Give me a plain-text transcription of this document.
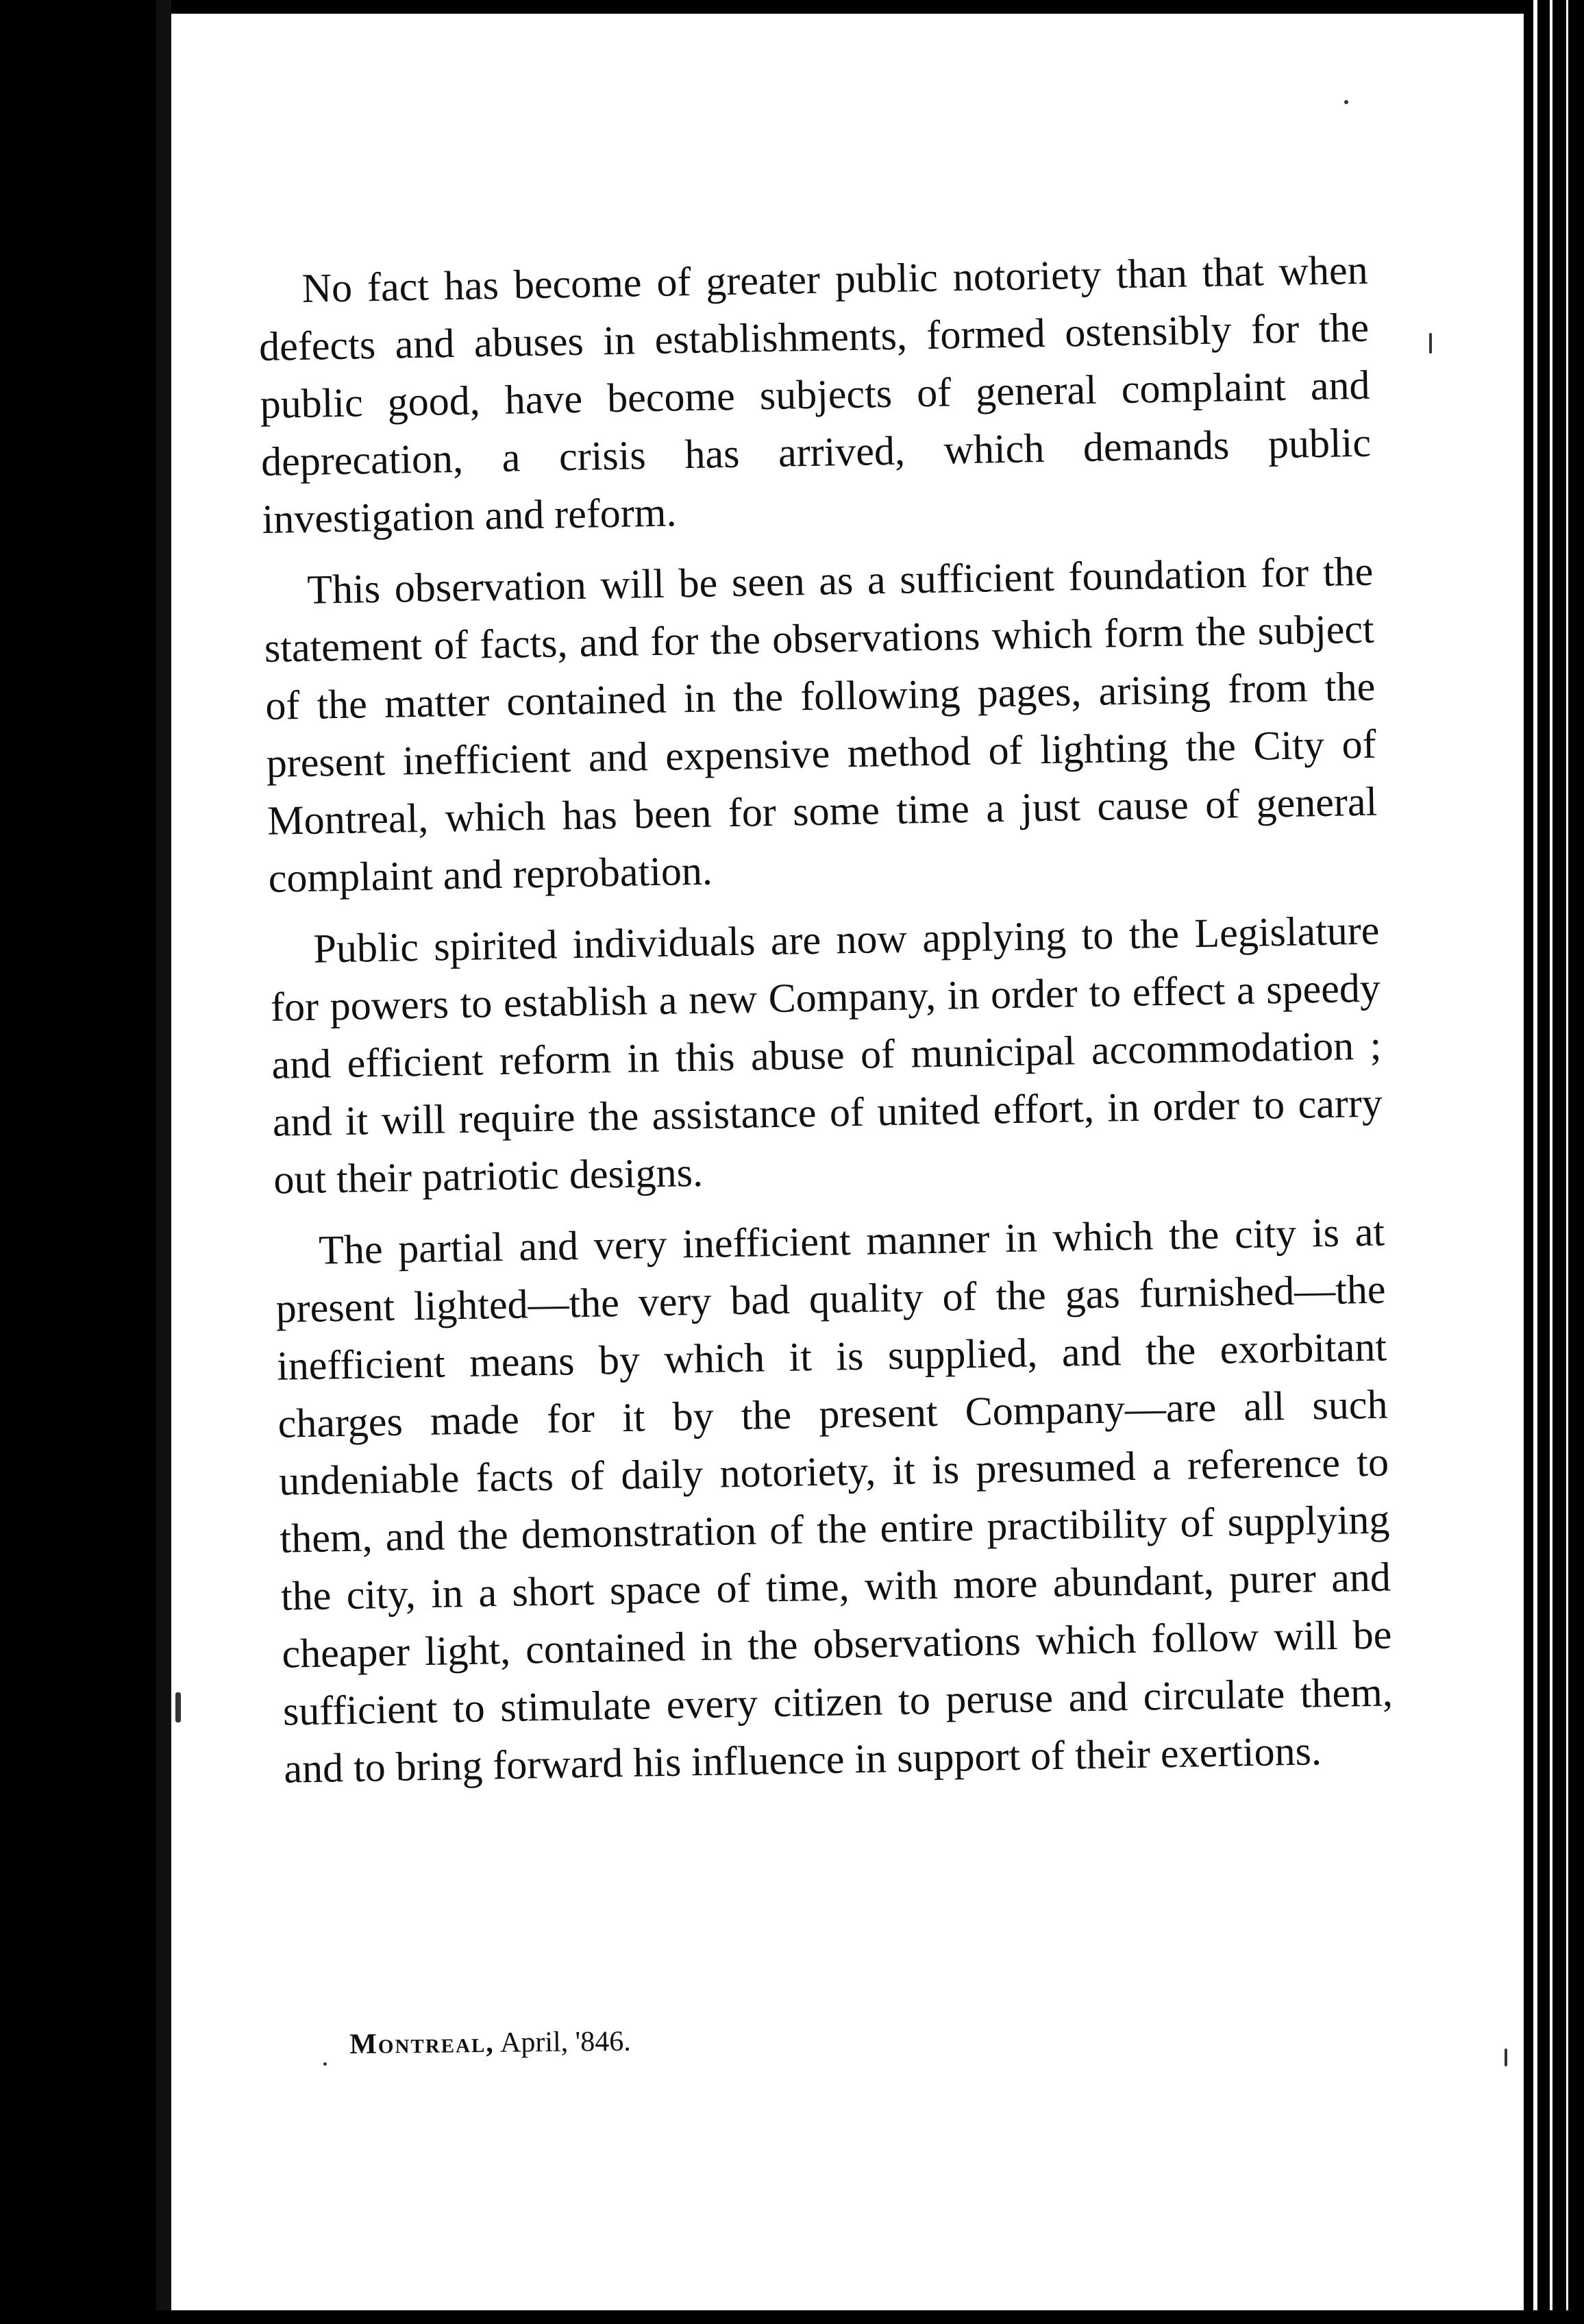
No fact has become of greater public notoriety than that when defects and abuses in establishments, formed ostensibly for the public good, have become subjects of general complaint and deprecation, a crisis has arrived, which demands public investigation and reform.

This observation will be seen as a sufficient foundation for the statement of facts, and for the observations which form the subject of the matter contained in the following pages, arising from the present inefficient and expensive method of lighting the City of Montreal, which has been for some time a just cause of general complaint and reprobation.

Public spirited individuals are now applying to the Legislature for powers to establish a new Company, in order to effect a speedy and efficient reform in this abuse of municipal accommodation ; and it will require the assistance of united effort, in order to carry out their patriotic designs.

The partial and very inefficient manner in which the city is at present lighted—the very bad quality of the gas furnished—the inefficient means by which it is supplied, and the exorbitant charges made for it by the present Company—are all such undeniable facts of daily notoriety, it is presumed a reference to them, and the demonstration of the entire practibility of supplying the city, in a short space of time, with more abundant, purer and cheaper light, contained in the observations which follow will be sufficient to stimulate every citizen to peruse and circulate them, and to bring forward his influence in support of their exertions.

Montreal, April, '846.
